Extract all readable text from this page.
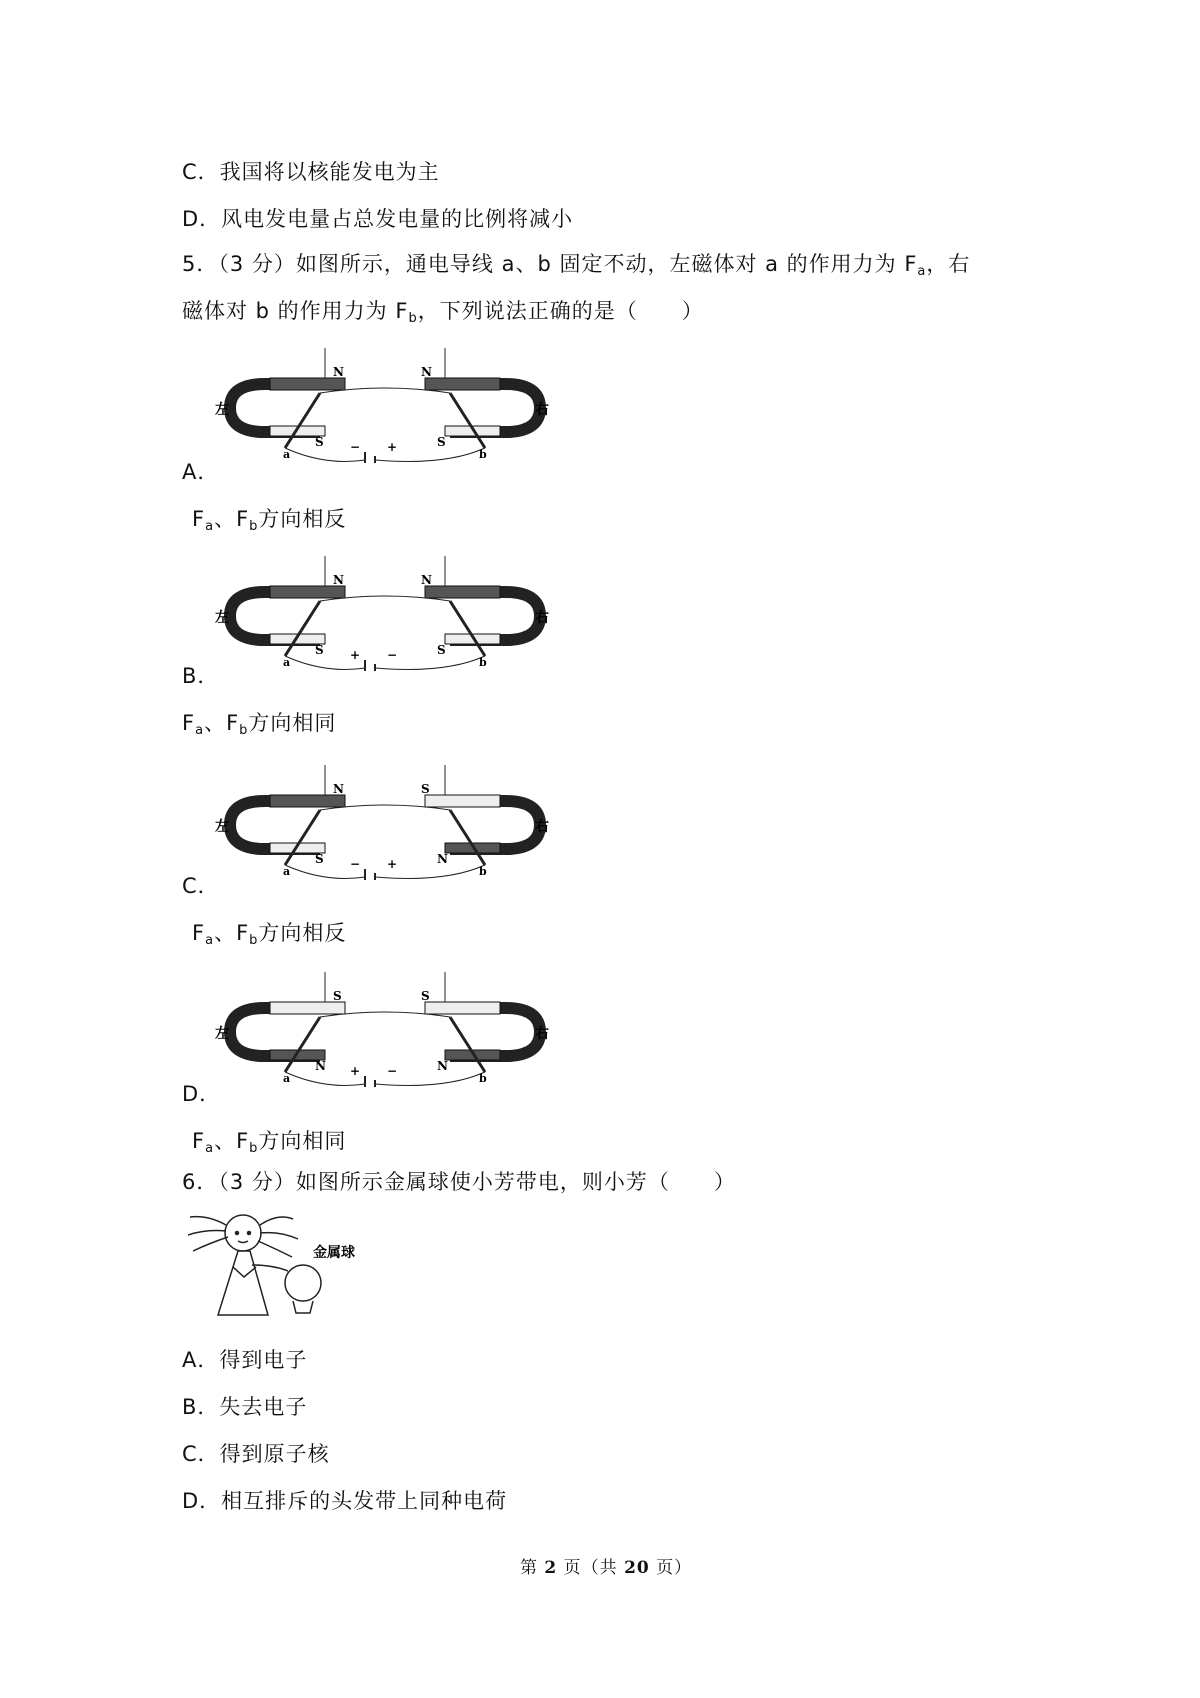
C．我国将以核能发电为主
D．风电发电量占总发电量的比例将减小
5．（3 分）如图所示，通电导线 a、b 固定不动，左磁体对 a 的作用力为 $F_a$，右
磁体对 b 的作用力为 $F_b$，下列说法正确的是（　　）
N
S
N
S
− +
左	右
a	b
A．
$F_a$、$F_b$方向相反
N
S
N
S
+ −
左	右
a	b
B．
$F_a$、$F_b$方向相同
N
S
S
N
− +
左	右
a	b
C．
$F_a$、$F_b$方向相反
S
N
S
N
+ −
左	右
a	b
D．
$F_a$、$F_b$方向相同
6．（3 分）如图所示金属球使小芳带电，则小芳（　　）
金属球
A．得到电子
B．失去电子
C．得到原子核
D．相互排斥的头发带上同种电荷
第 2 页（共 20 页）
